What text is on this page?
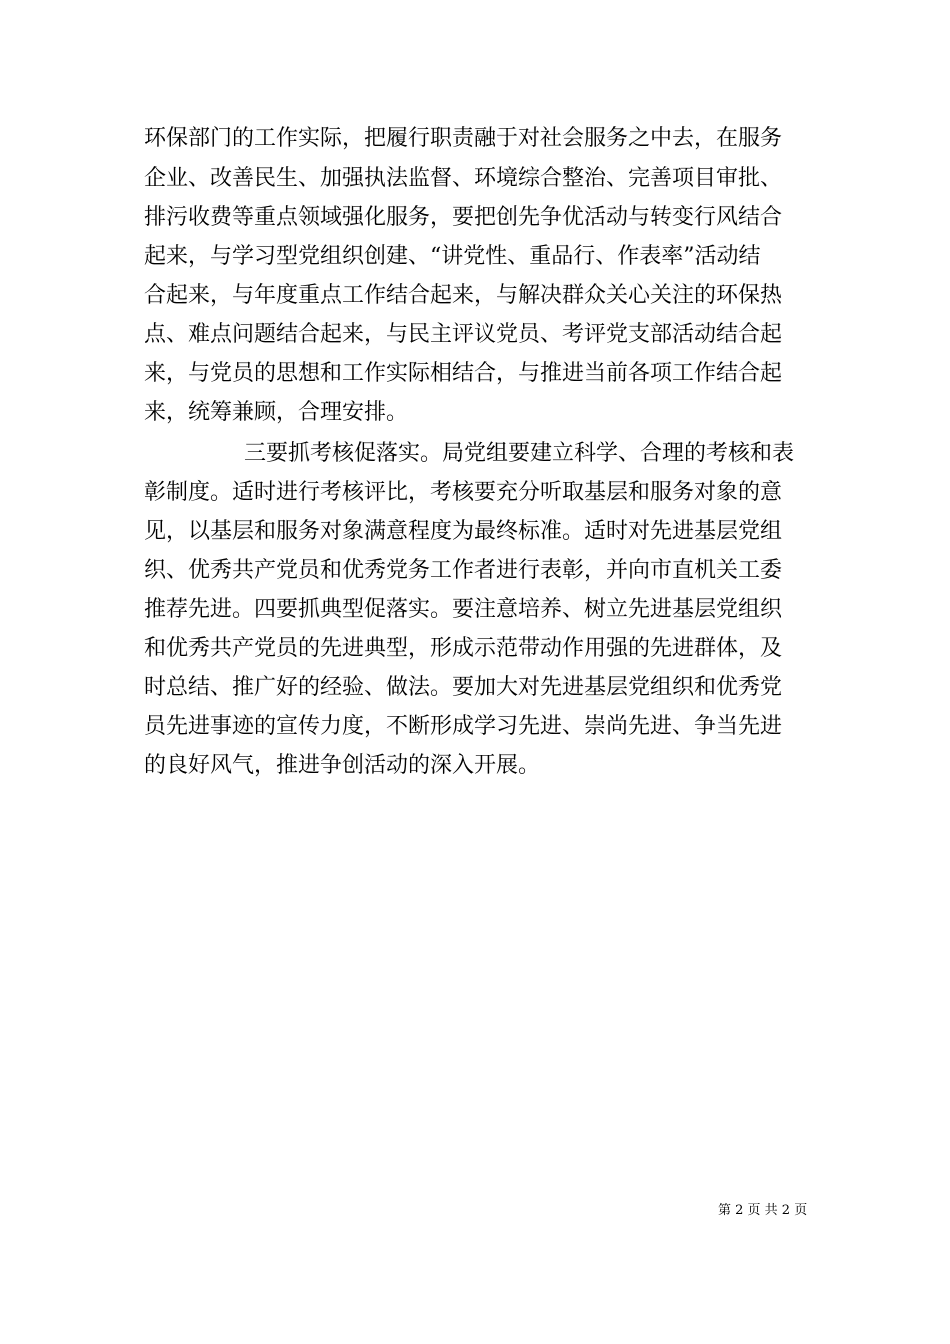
环保部门的工作实际，把履行职责融于对社会服务之中去，在服务
企业、改善民生、加强执法监督、环境综合整治、完善项目审批、
排污收费等重点领域强化服务，要把创先争优活动与转变行风结合
起来，与学习型党组织创建、“讲党性、重品行、作表率”活动结
合起来，与年度重点工作结合起来，与解决群众关心关注的环保热
点、难点问题结合起来，与民主评议党员、考评党支部活动结合起
来，与党员的思想和工作实际相结合，与推进当前各项工作结合起
来，统筹兼顾，合理安排。
三要抓考核促落实。局党组要建立科学、合理的考核和表
彰制度。适时进行考核评比，考核要充分听取基层和服务对象的意
见，以基层和服务对象满意程度为最终标准。适时对先进基层党组
织、优秀共产党员和优秀党务工作者进行表彰，并向市直机关工委
推荐先进。四要抓典型促落实。要注意培养、树立先进基层党组织
和优秀共产党员的先进典型，形成示范带动作用强的先进群体，及
时总结、推广好的经验、做法。要加大对先进基层党组织和优秀党
员先进事迹的宣传力度，不断形成学习先进、崇尚先进、争当先进
的良好风气，推进争创活动的深入开展。
第 2 页 共 2 页
